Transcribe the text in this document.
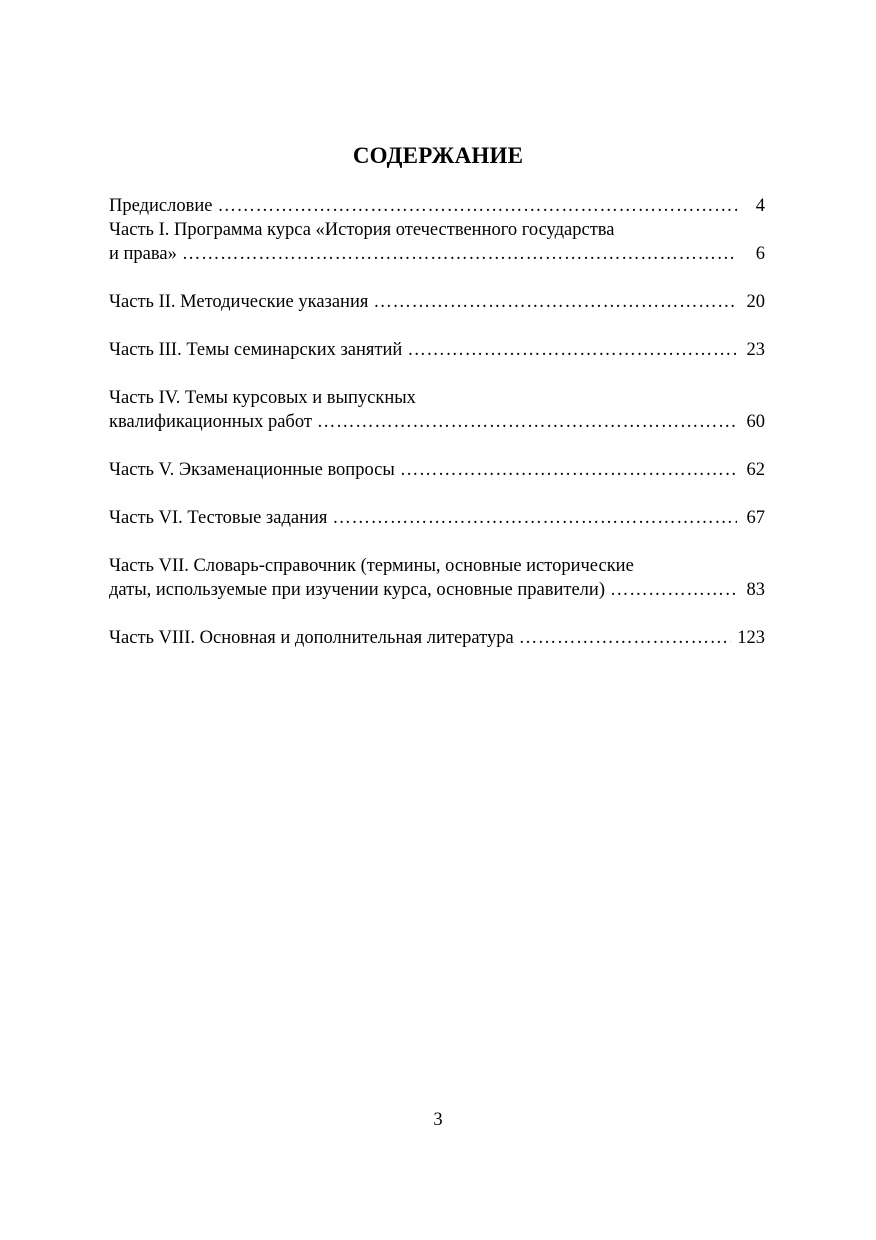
СОДЕРЖАНИЕ
Предисловие …………………………………………………………………………………………………………………………………………………………………………………	4
Часть I. Программа курса «История отечественного государства
и права» …………………………………………………………………………………………………………………………………………………………………………………	6
Часть II. Методические указания …………………………………………………………………………………………………………………………………………………………………………………	20
Часть III. Темы семинарских занятий …………………………………………………………………………………………………………………………………………………………………………………	23
Часть IV. Темы курсовых и выпускных
квалификационных работ …………………………………………………………………………………………………………………………………………………………………………………	60
Часть V. Экзаменационные вопросы …………………………………………………………………………………………………………………………………………………………………………………	62
Часть VI. Тестовые задания …………………………………………………………………………………………………………………………………………………………………………………	67
Часть VII. Словарь-справочник (термины, основные исторические
даты, используемые при изучении курса, основные правители) …………………………………………………………………………………………………………………………………………………………………………………	83
Часть VIII. Основная и дополнительная литература …………………………………………………………………………………………………………………………………………………………………………………	123
3
